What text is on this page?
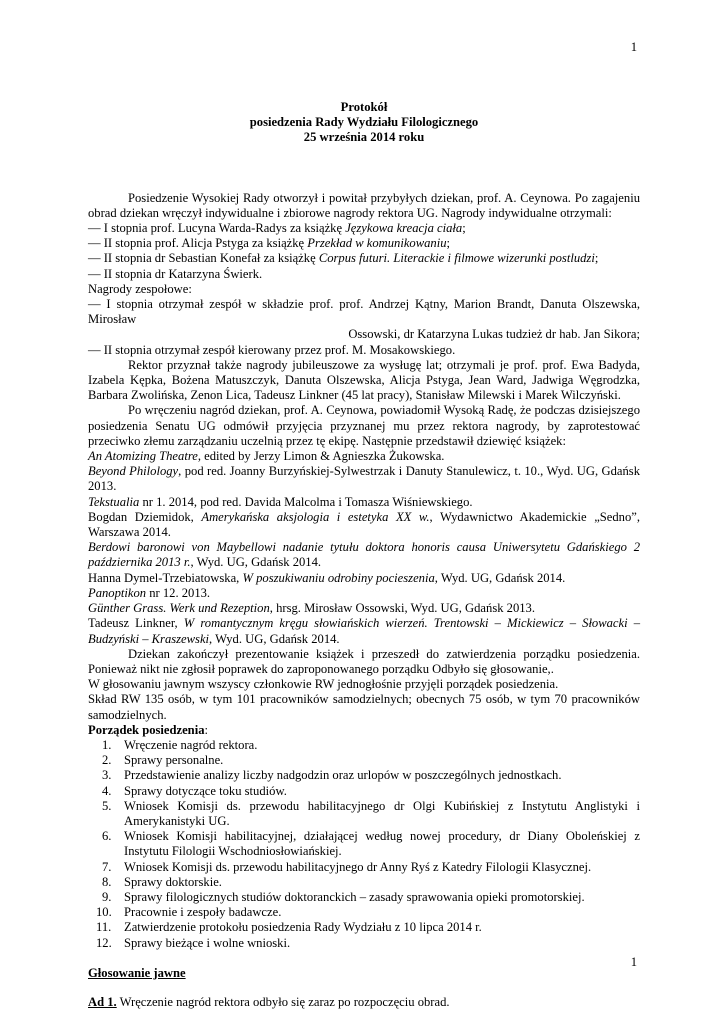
1

Protokół

posiedzenia Rady Wydziału Filologicznego

25 września 2014 roku

Posiedzenie Wysokiej Rady otworzył i powitał przybyłych dziekan, prof. A. Ceynowa. Po zagajeniu obrad dziekan wręczył indywidualne i zbiorowe nagrody rektora UG. Nagrody indywidualne otrzymali:

— I stopnia prof. Lucyna Warda-Radys za książkę Językowa kreacja ciała;

— II stopnia prof. Alicja Pstyga za książkę Przekład w komunikowaniu;

— II stopnia dr Sebastian Konefał za książkę Corpus futuri. Literackie i filmowe wizerunki postludzi;

— II stopnia dr Katarzyna Świerk.

Nagrody zespołowe:

— I stopnia otrzymał zespół w składzie prof. prof. Andrzej Kątny, Marion Brandt, Danuta Olszewska, Mirosław

Ossowski, dr Katarzyna Lukas tudzież dr hab. Jan Sikora;

— II stopnia otrzymał zespół kierowany przez prof. M. Mosakowskiego.

Rektor przyznał także nagrody jubileuszowe za wysługę lat; otrzymali je prof. prof. Ewa Badyda, Izabela Kępka, Bożena Matuszczyk, Danuta Olszewska, Alicja Pstyga, Jean Ward, Jadwiga Węgrodzka, Barbara Zwolińska, Zenon Lica, Tadeusz Linkner (45 lat pracy), Stanisław Milewski i Marek Wilczyński.

Po wręczeniu nagród dziekan, prof. A. Ceynowa, powiadomił Wysoką Radę, że podczas dzisiejszego posiedzenia Senatu UG odmówił przyjęcia przyznanej mu przez rektora nagrody, by zaprotestować przeciwko złemu zarządzaniu uczelnią przez tę ekipę. Następnie przedstawił dziewięć książek:

An Atomizing Theatre, edited by Jerzy Limon & Agnieszka Żukowska.

Beyond Philology, pod red. Joanny Burzyńskiej-Sylwestrzak i Danuty Stanulewicz, t. 10., Wyd. UG, Gdańsk 2013.

Tekstualia nr 1. 2014, pod red. Davida Malcolma i Tomasza Wiśniewskiego.

Bogdan Dziemidok, Amerykańska aksjologia i estetyka XX w., Wydawnictwo Akademickie „Sedno”, Warszawa 2014.

Berdowi baronowi von Maybellowi nadanie tytułu doktora honoris causa Uniwersytetu Gdańskiego 2 października 2013 r., Wyd. UG, Gdańsk 2014.

Hanna Dymel-Trzebiatowska, W poszukiwaniu odrobiny pocieszenia, Wyd. UG, Gdańsk 2014.

Panoptikon nr 12. 2013.

Günther Grass. Werk und Rezeption, hrsg. Mirosław Ossowski, Wyd. UG, Gdańsk 2013.

Tadeusz Linkner, W romantycznym kręgu słowiańskich wierzeń. Trentowski – Mickiewicz – Słowacki – Budzyński – Kraszewski, Wyd. UG, Gdańsk 2014.

Dziekan zakończył prezentowanie książek i przeszedł do zatwierdzenia porządku posiedzenia. Ponieważ nikt nie zgłosił poprawek do zaproponowanego porządku Odbyło się głosowanie,.

W głosowaniu jawnym wszyscy członkowie RW jednogłośnie przyjęli porządek posiedzenia.

Skład RW 135 osób, w tym 101 pracowników samodzielnych; obecnych 75 osób, w tym 70 pracowników samodzielnych.

Porządek posiedzenia:

1. Wręczenie nagród rektora.
2. Sprawy personalne.
3. Przedstawienie analizy liczby nadgodzin oraz urlopów w poszczególnych jednostkach.
4. Sprawy dotyczące toku studiów.
5. Wniosek Komisji ds. przewodu habilitacyjnego dr Olgi Kubińskiej z Instytutu Anglistyki i Amerykanistyki UG.
6. Wniosek Komisji habilitacyjnej, działającej według nowej procedury, dr Diany Oboleńskiej z Instytutu Filologii Wschodniosłowiańskiej.
7. Wniosek Komisji ds. przewodu habilitacyjnego dr Anny Ryś z Katedry Filologii Klasycznej.
8. Sprawy doktorskie.
9. Sprawy filologicznych studiów doktoranckich – zasady sprawowania opieki promotorskiej.
10. Pracownie i zespoły badawcze.
11. Zatwierdzenie protokołu posiedzenia Rady Wydziału z 10 lipca 2014 r.
12. Sprawy bieżące i wolne wnioski.

Głosowanie jawne

Ad 1. Wręczenie nagród rektora odbyło się zaraz po rozpoczęciu obrad.

1
